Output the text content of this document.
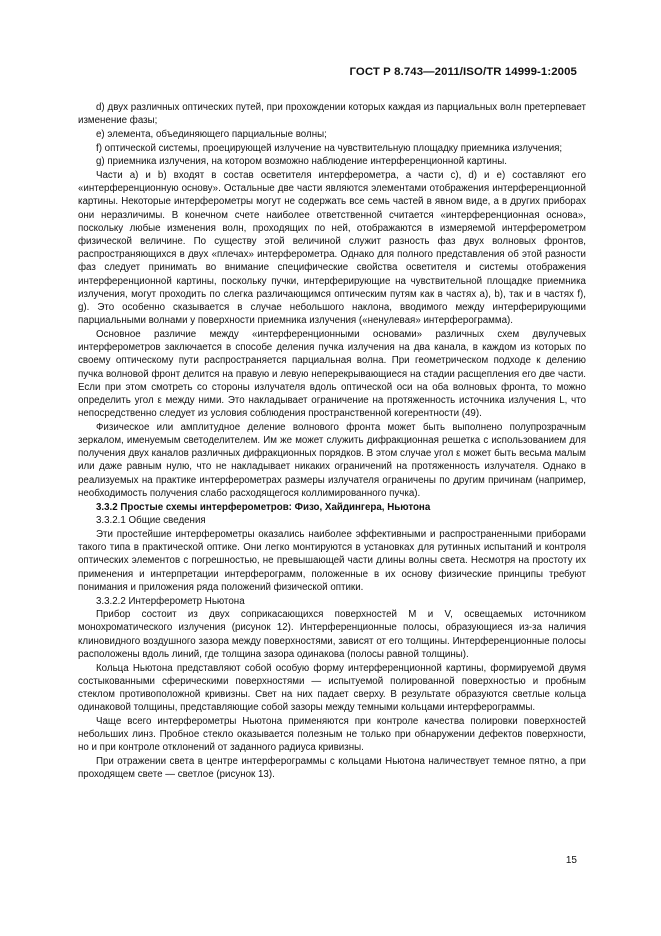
ГОСТ Р 8.743—2011/ISO/TR 14999-1:2005

d) двух различных оптических путей, при прохождении которых каждая из парциальных волн претерпевает изменение фазы;

e) элемента, объединяющего парциальные волны;

f) оптической системы, проецирующей излучение на чувствительную площадку приемника излучения;

g) приемника излучения, на котором возможно наблюдение интерференционной картины.

Части a) и b) входят в состав осветителя интерферометра, а части c), d) и e) составляют его «интерференционную основу». Остальные две части являются элементами отображения интерференционной картины. Некоторые интерферометры могут не содержать все семь частей в явном виде, а в других приборах они неразличимы. В конечном счете наиболее ответственной считается «интерференционная основа», поскольку любые изменения волн, проходящих по ней, отображаются в измеряемой интерферометром физической величине. По существу этой величиной служит разность фаз двух волновых фронтов, распространяющихся в двух «плечах» интерферометра. Однако для полного представления об этой разности фаз следует принимать во внимание специфические свойства осветителя и системы отображения интерференционной картины, поскольку пучки, интерферирующие на чувствительной площадке приемника излучения, могут проходить по слегка различающимся оптическим путям как в частях a), b), так и в частях f), g). Это особенно сказывается в случае небольшого наклона, вводимого между интерферирующими парциальными волнами у поверхности приемника излучения («ненулевая» интерферограмма).

Основное различие между «интерференционными основами» различных схем двулучевых интерферометров заключается в способе деления пучка излучения на два канала, в каждом из которых по своему оптическому пути распространяется парциальная волна. При геометрическом подходе к делению пучка волновой фронт делится на правую и левую неперекрывающиеся на стадии расщепления его две части. Если при этом смотреть со стороны излучателя вдоль оптической оси на оба волновых фронта, то можно определить угол ε между ними. Это накладывает ограничение на протяженность источника излучения L, что непосредственно следует из условия соблюдения пространственной когерентности (49).

Физическое или амплитудное деление волнового фронта может быть выполнено полупрозрачным зеркалом, именуемым светоделителем. Им же может служить дифракционная решетка с использованием для получения двух каналов различных дифракционных порядков. В этом случае угол ε может быть весьма малым или даже равным нулю, что не накладывает никаких ограничений на протяженность излучателя. Однако в реализуемых на практике интерферометрах размеры излучателя ограничены по другим причинам (например, необходимость получения слабо расходящегося коллимированного пучка).

3.3.2 Простые схемы интерферометров: Физо, Хайдингера, Ньютона

3.3.2.1 Общие сведения

Эти простейшие интерферометры оказались наиболее эффективными и распространенными приборами такого типа в практической оптике. Они легко монтируются в установках для рутинных испытаний и контроля оптических элементов с погрешностью, не превышающей части длины волны света. Несмотря на простоту их применения и интерпретации интерферограмм, положенные в их основу физические принципы требуют понимания и приложения ряда положений физической оптики.

3.3.2.2 Интерферометр Ньютона

Прибор состоит из двух соприкасающихся поверхностей M и V, освещаемых источником монохроматического излучения (рисунок 12). Интерференционные полосы, образующиеся из-за наличия клиновидного воздушного зазора между поверхностями, зависят от его толщины. Интерференционные полосы расположены вдоль линий, где толщина зазора одинакова (полосы равной толщины).

Кольца Ньютона представляют собой особую форму интерференционной картины, формируемой двумя состыкованными сферическими поверхностями — испытуемой полированной поверхностью и пробным стеклом противоположной кривизны. Свет на них падает сверху. В результате образуются светлые кольца одинаковой толщины, представляющие собой зазоры между темными кольцами интерферограммы.

Чаще всего интерферометры Ньютона применяются при контроле качества полировки поверхностей небольших линз. Пробное стекло оказывается полезным не только при обнаружении дефектов поверхности, но и при контроле отклонений от заданного радиуса кривизны.

При отражении света в центре интерферограммы с кольцами Ньютона наличествует темное пятно, а при проходящем свете — светлое (рисунок 13).

15
